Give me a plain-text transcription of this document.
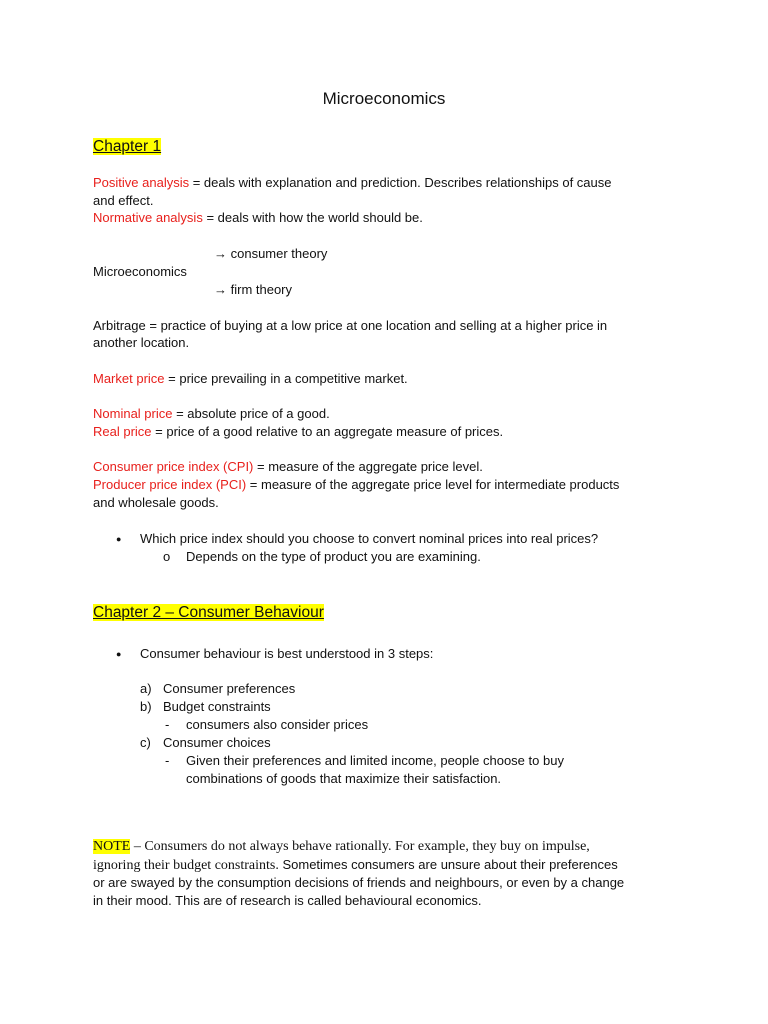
Microeconomics
Chapter 1
Positive analysis = deals with explanation and prediction. Describes relationships of cause
and effect.
Normative analysis = deals with how the world should be.
→ consumer theory
Microeconomics
→ firm theory
Arbitrage = practice of buying at a low price at one location and selling at a higher price in
another location.
Market price = price prevailing in a competitive market.
Nominal price = absolute price of a good.
Real price = price of a good relative to an aggregate measure of prices.
Consumer price index (CPI) = measure of the aggregate price level.
Producer price index (PCI) = measure of the aggregate price level for intermediate products
and wholesale goods.
● Which price index should you choose to convert nominal prices into real prices?
o Depends on the type of product you are examining.
Chapter 2 – Consumer Behaviour
● Consumer behaviour is best understood in 3 steps:
a) Consumer preferences
b) Budget constraints
- consumers also consider prices
c) Consumer choices
- Given their preferences and limited income, people choose to buy
combinations of goods that maximize their satisfaction.
NOTE – Consumers do not always behave rationally. For example, they buy on impulse,
ignoring their budget constraints. Sometimes consumers are unsure about their preferences
or are swayed by the consumption decisions of friends and neighbours, or even by a change
in their mood. This are of research is called behavioural economics.
